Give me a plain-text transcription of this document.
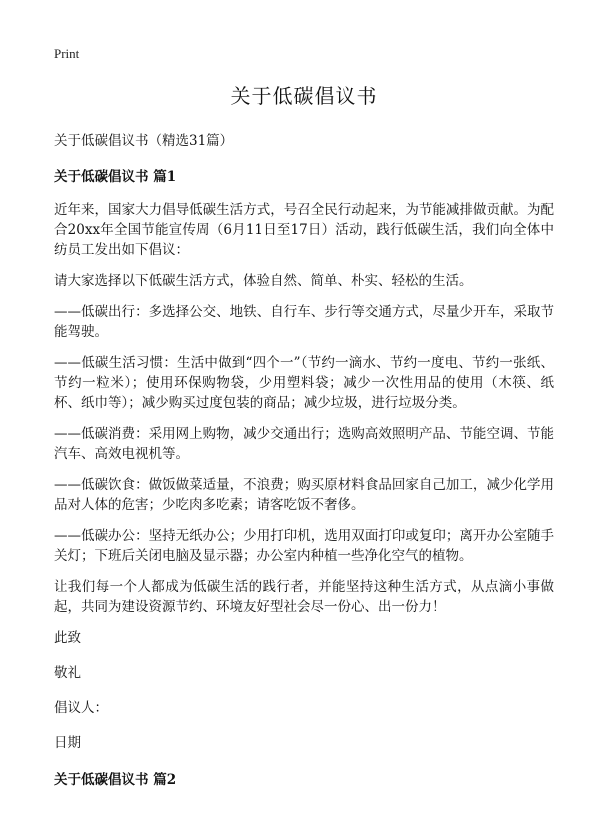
Print
关于低碳倡议书
关于低碳倡议书（精选31篇）
关于低碳倡议书 篇1

近年来，国家大力倡导低碳生活方式，号召全民行动起来，为节能减排做贡献。为配合20xx年全国节能宣传周（6月11日至17日）活动，践行低碳生活，我们向全体中纺员工发出如下倡议：

请大家选择以下低碳生活方式，体验自然、简单、朴实、轻松的生活。

——低碳出行：多选择公交、地铁、自行车、步行等交通方式，尽量少开车，采取节能驾驶。

——低碳生活习惯：生活中做到“四个一”（节约一滴水、节约一度电、节约一张纸、节约一粒米）；使用环保购物袋，少用塑料袋；减少一次性用品的使用（木筷、纸杯、纸巾等）；减少购买过度包装的商品；减少垃圾，进行垃圾分类。

——低碳消费：采用网上购物，减少交通出行；选购高效照明产品、节能空调、节能汽车、高效电视机等。

——低碳饮食：做饭做菜适量，不浪费；购买原材料食品回家自己加工，减少化学用品对人体的危害；少吃肉多吃素；请客吃饭不奢侈。

——低碳办公：坚持无纸办公；少用打印机，选用双面打印或复印；离开办公室随手关灯；下班后关闭电脑及显示器；办公室内种植一些净化空气的植物。

让我们每一个人都成为低碳生活的践行者，并能坚持这种生活方式，从点滴小事做起，共同为建设资源节约、环境友好型社会尽一份心、出一份力！

此致
敬礼
倡议人：
日期
关于低碳倡议书 篇2
